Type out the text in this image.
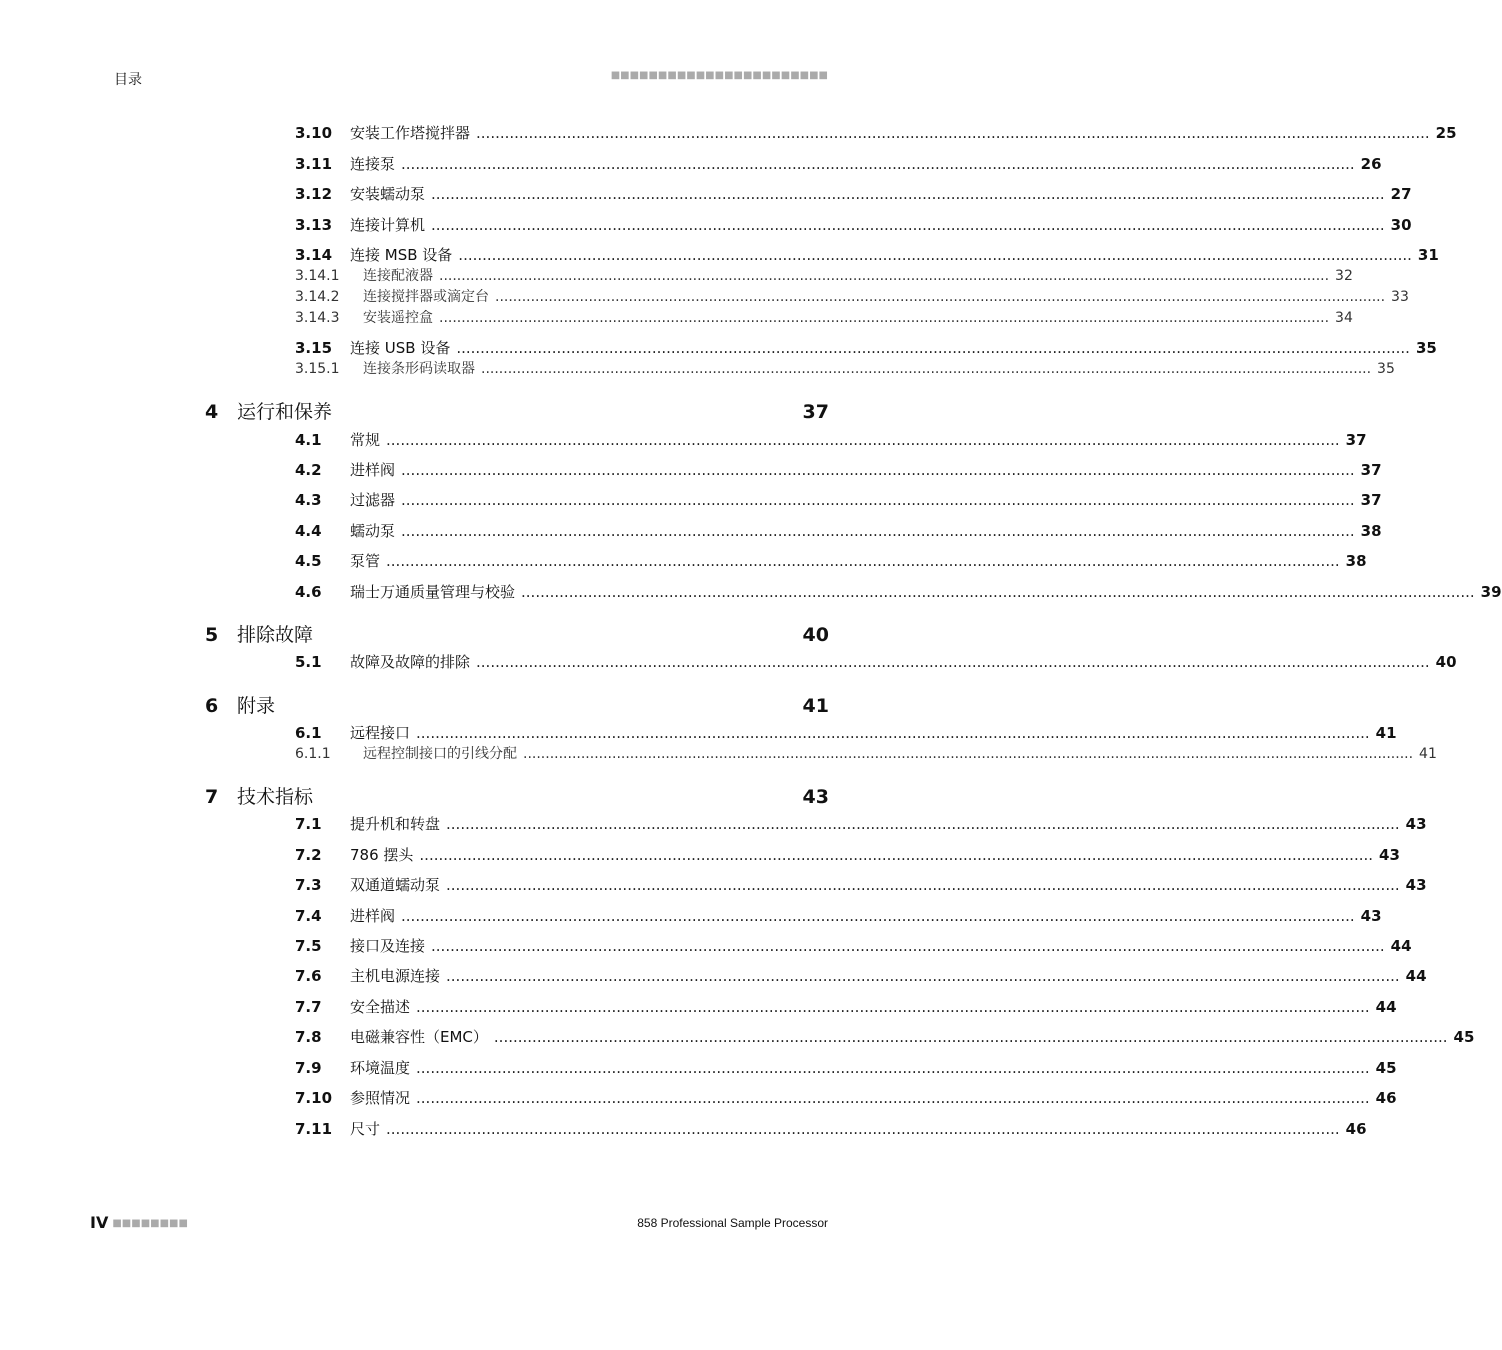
目录	■■■■■■■■■■■■■■■■■■■■■■■
3.10	安装工作塔搅拌器 ........................................................................................................................................................................................................ 25
3.11	连接泵 ........................................................................................................................................................................................................ 26
3.12	安装蠕动泵 ........................................................................................................................................................................................................ 27
3.13	连接计算机 ........................................................................................................................................................................................................ 30
3.14	连接 MSB 设备 ........................................................................................................................................................................................................ 31
3.14.1	连接配液器 ........................................................................................................................................................................................................ 32
3.14.2	连接搅拌器或滴定台 ........................................................................................................................................................................................................ 33
3.14.3	安装遥控盒 ........................................................................................................................................................................................................ 34
3.15	连接 USB 设备 ........................................................................................................................................................................................................ 35
3.15.1	连接条形码读取器 ........................................................................................................................................................................................................ 35
4 运行和保养	37
4.1	常规 ........................................................................................................................................................................................................ 37
4.2	进样阀 ........................................................................................................................................................................................................ 37
4.3	过滤器 ........................................................................................................................................................................................................ 37
4.4	蠕动泵 ........................................................................................................................................................................................................ 38
4.5	泵管 ........................................................................................................................................................................................................ 38
4.6	瑞士万通质量管理与校验 ........................................................................................................................................................................................................ 39
5 排除故障	40
5.1	故障及故障的排除 ........................................................................................................................................................................................................ 40
6 附录	41
6.1	远程接口 ........................................................................................................................................................................................................ 41
6.1.1	远程控制接口的引线分配 ........................................................................................................................................................................................................ 41
7 技术指标	43
7.1	提升机和转盘 ........................................................................................................................................................................................................ 43
7.2	786 摆头 ........................................................................................................................................................................................................ 43
7.3	双通道蠕动泵 ........................................................................................................................................................................................................ 43
7.4	进样阀 ........................................................................................................................................................................................................ 43
7.5	接口及连接 ........................................................................................................................................................................................................ 44
7.6	主机电源连接 ........................................................................................................................................................................................................ 44
7.7	安全描述 ........................................................................................................................................................................................................ 44
7.8	电磁兼容性（EMC） ........................................................................................................................................................................................................ 45
7.9	环境温度 ........................................................................................................................................................................................................ 45
7.10	参照情况 ........................................................................................................................................................................................................ 46
7.11	尺寸 ........................................................................................................................................................................................................ 46
IV ■■■■■■■■	858 Professional Sample Processor
